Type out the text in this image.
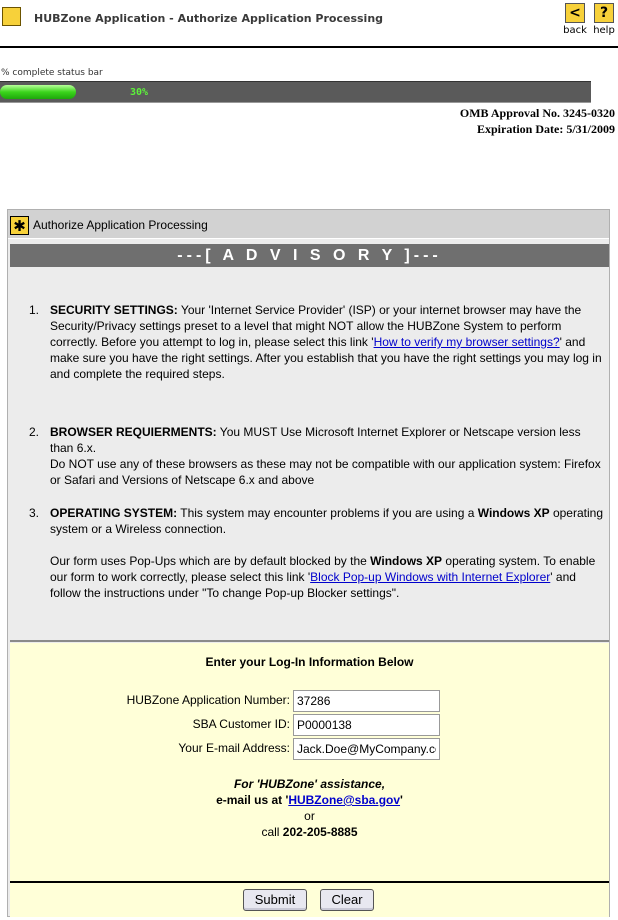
HUBZone Application - Authorize Application Processing	<
back
?
help
% complete status bar
30%
OMB Approval No. 3245-0320
Expiration Date: 5/31/2009
✱ Authorize Application Processing
---[ A D V I S O R Y ]---
1. SECURITY SETTINGS: Your 'Internet Service Provider' (ISP) or your internet browser may have the Security/Privacy settings preset to a level that might NOT allow the HUBZone System to perform correctly. Before you attempt to log in, please select this link 'How to verify my browser settings?' and make sure you have the right settings. After you establish that you have the right settings you may log in and complete the required steps.
2. BROWSER REQUIERMENTS: You MUST Use Microsoft Internet Explorer or Netscape version less than 6.x.
Do NOT use any of these browsers as these may not be compatible with our application system: Firefox or Safari and Versions of Netscape 6.x and above
3. OPERATING SYSTEM: This system may encounter problems if you are using a Windows XP operating system or a Wireless connection.
Our form uses Pop-Ups which are by default blocked by the Windows XP operating system. To enable our form to work correctly, please select this link 'Block Pop-up Windows with Internet Explorer' and follow the instructions under "To change Pop-up Blocker settings".
Enter your Log-In Information Below
HUBZone Application Number:
37286
SBA Customer ID:
P0000138
Your E-mail Address:
Jack.Doe@MyCompany.com
For 'HUBZone' assistance,
e-mail us at 'HUBZone@sba.gov'
or
call 202-205-8885
Submit	Clear
